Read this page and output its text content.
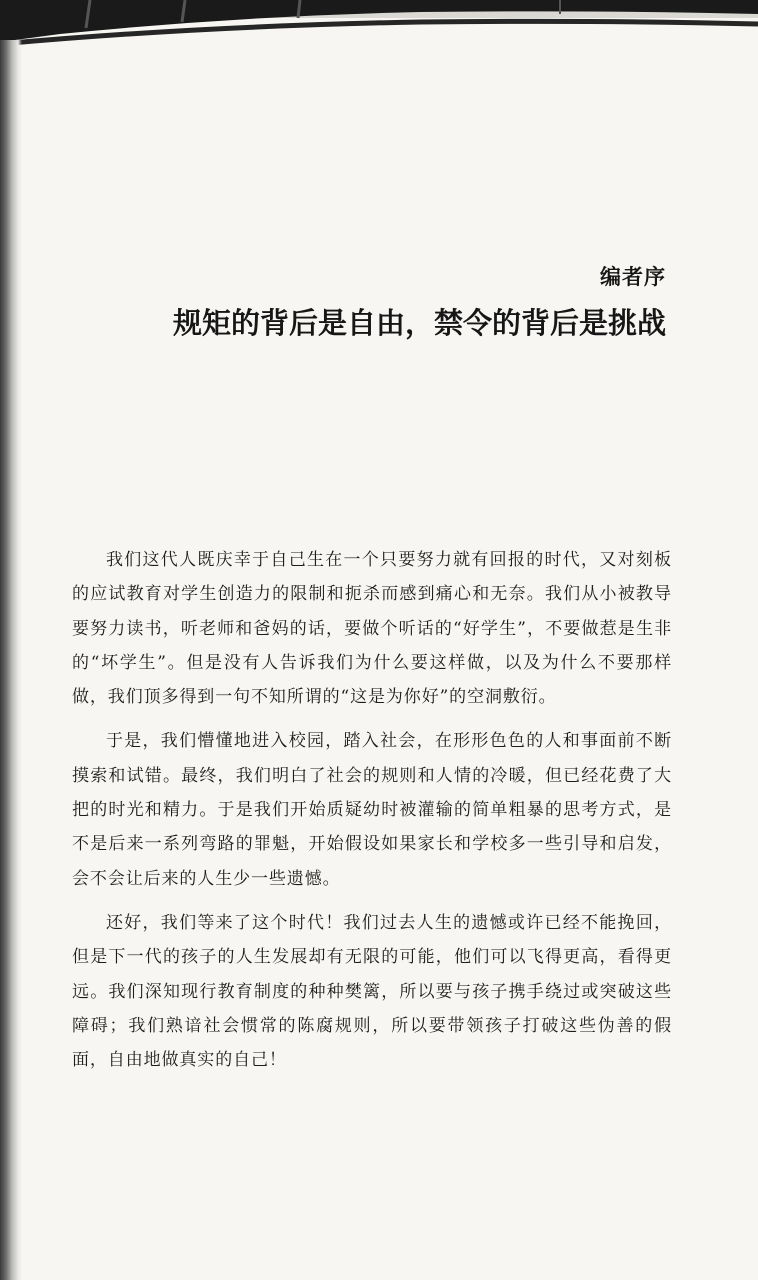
编者序
规矩的背后是自由，禁令的背后是挑战

我们这代人既庆幸于自己生在一个只要努力就有回报的时代，又对刻板的应试教育对学生创造力的限制和扼杀而感到痛心和无奈。我们从小被教导要努力读书，听老师和爸妈的话，要做个听话的“好学生”，不要做惹是生非的“坏学生”。但是没有人告诉我们为什么要这样做，以及为什么不要那样做，我们顶多得到一句不知所谓的“这是为你好”的空洞敷衍。

于是，我们懵懂地进入校园，踏入社会，在形形色色的人和事面前不断摸索和试错。最终，我们明白了社会的规则和人情的冷暖，但已经花费了大把的时光和精力。于是我们开始质疑幼时被灌输的简单粗暴的思考方式，是不是后来一系列弯路的罪魁，开始假设如果家长和学校多一些引导和启发，会不会让后来的人生少一些遗憾。

还好，我们等来了这个时代！我们过去人生的遗憾或许已经不能挽回，但是下一代的孩子的人生发展却有无限的可能，他们可以飞得更高，看得更远。我们深知现行教育制度的种种樊篱，所以要与孩子携手绕过或突破这些障碍；我们熟谙社会惯常的陈腐规则，所以要带领孩子打破这些伪善的假面，自由地做真实的自己！
